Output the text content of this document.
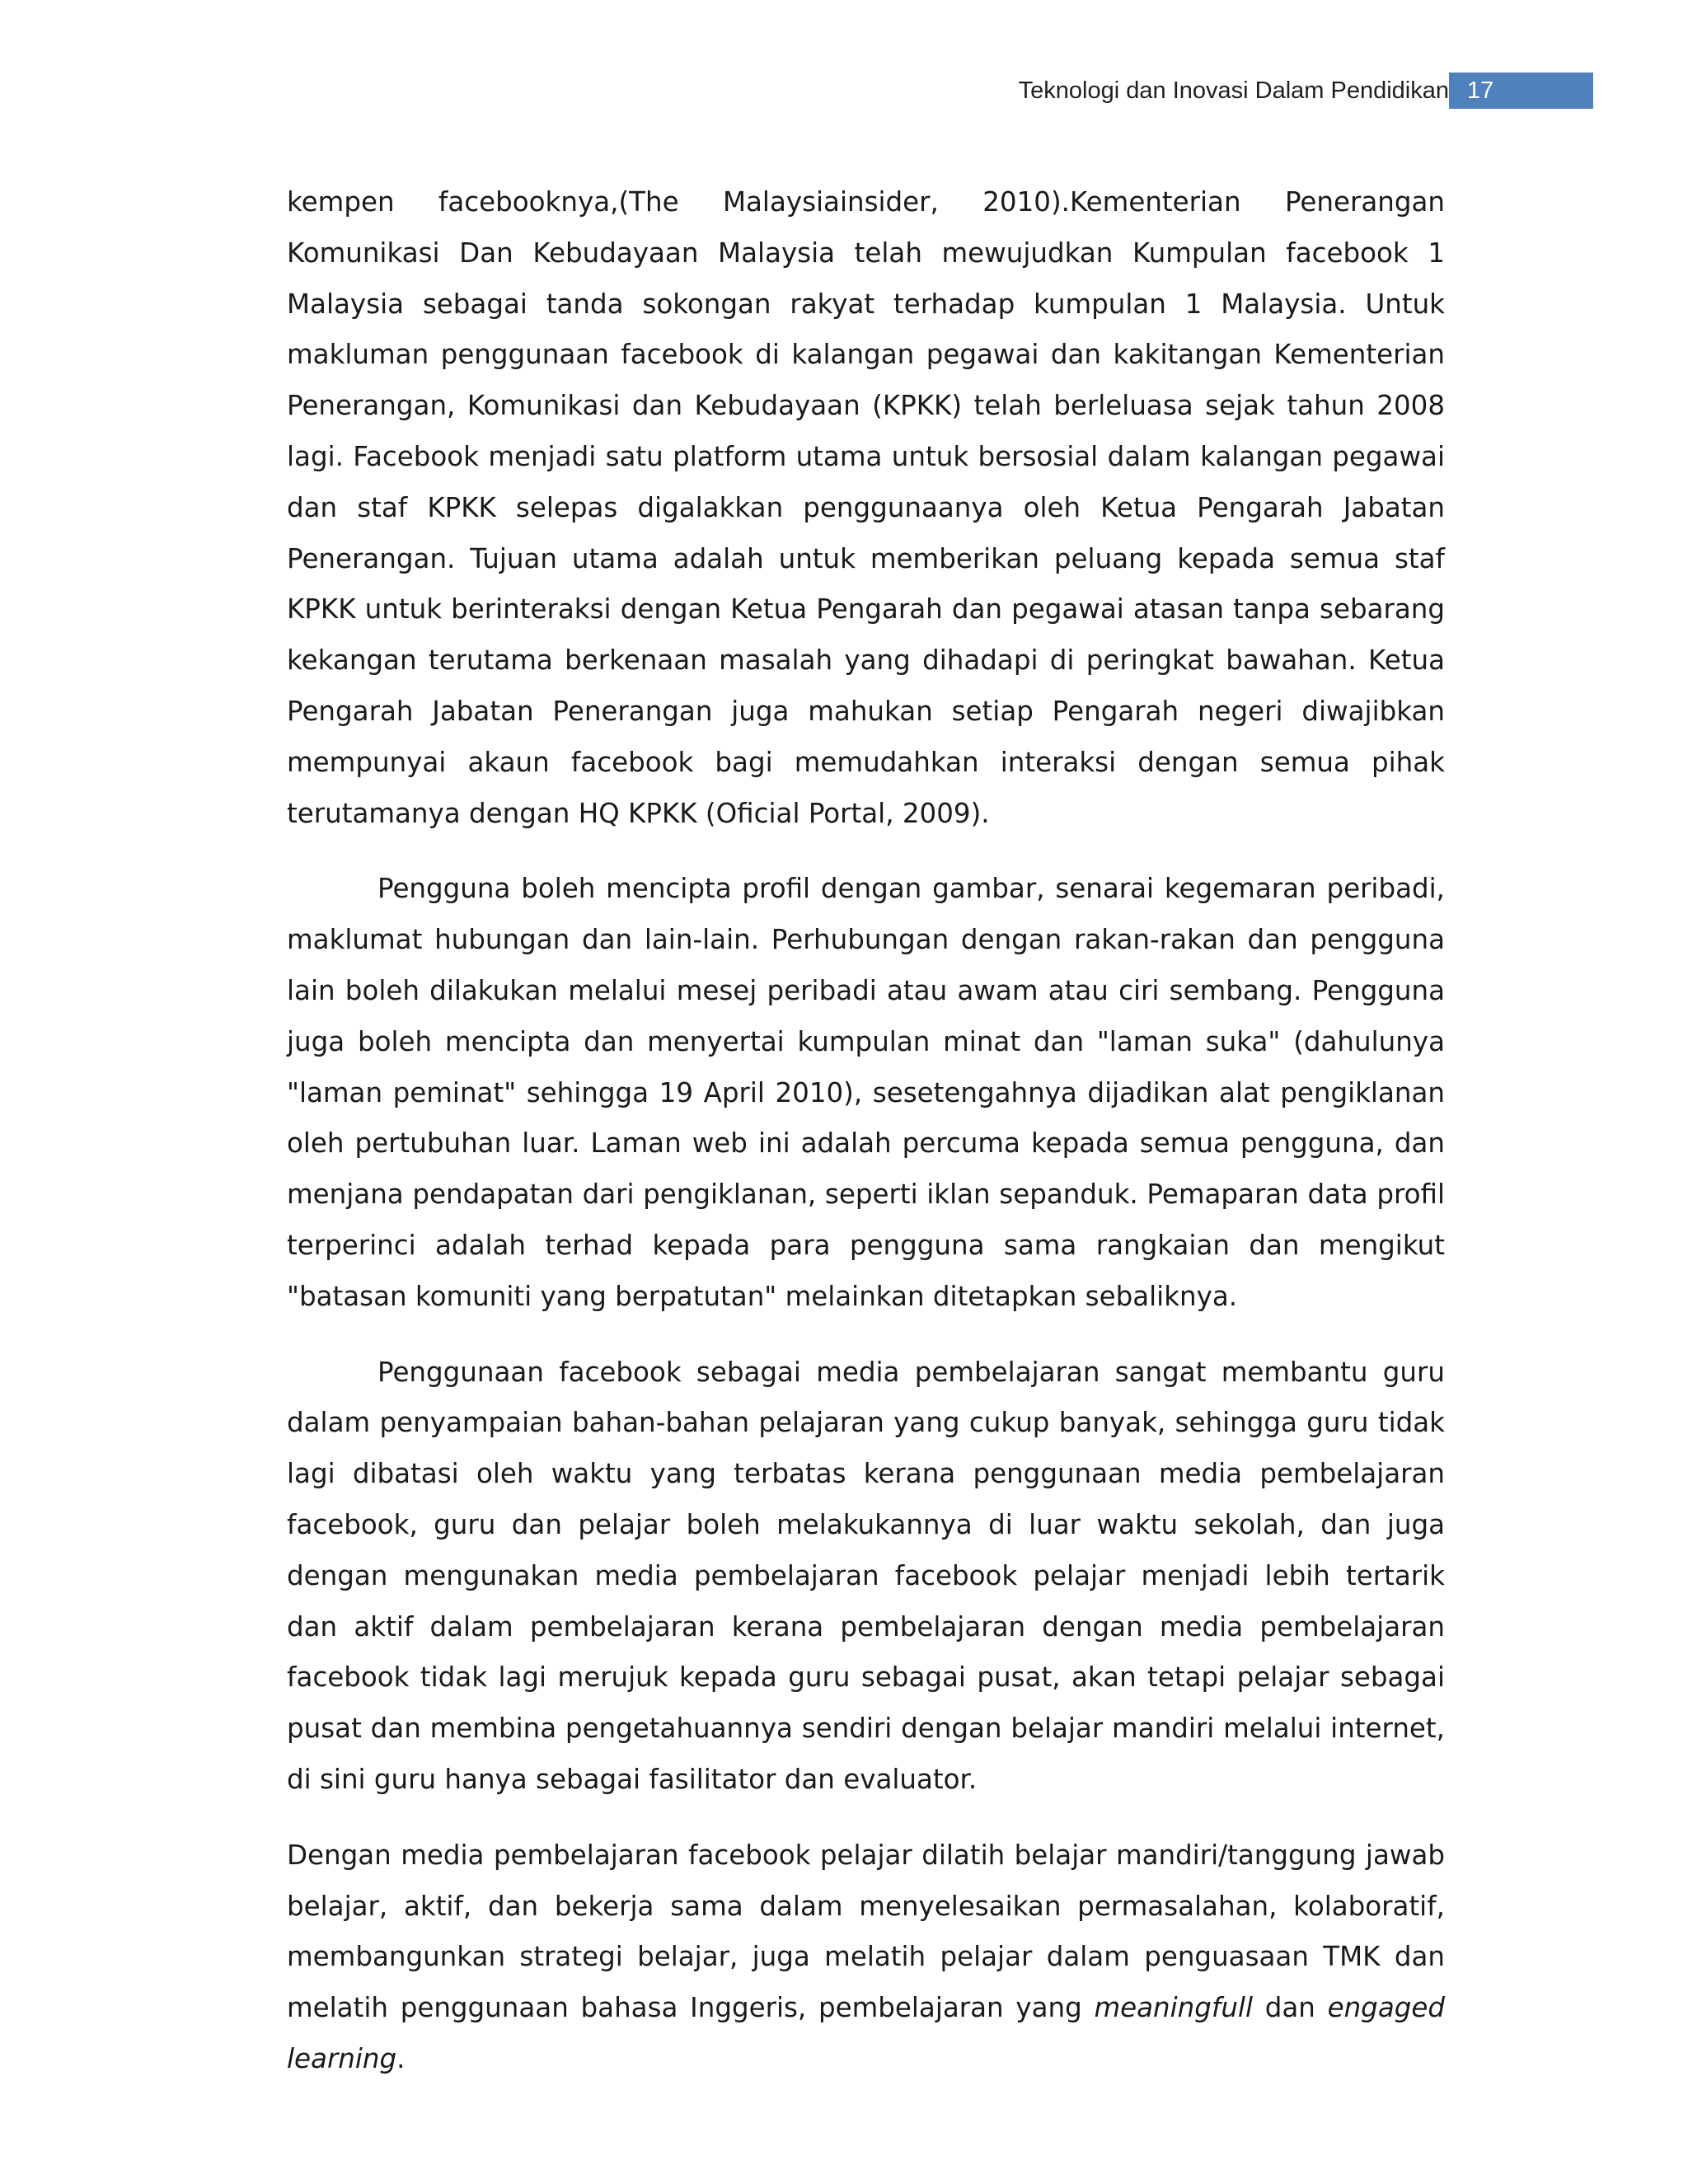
Teknologi dan Inovasi Dalam Pendidikan 17

kempen facebooknya,(The Malaysiainsider, 2010).Kementerian Penerangan Komunikasi Dan Kebudayaan Malaysia telah mewujudkan Kumpulan facebook 1 Malaysia sebagai tanda sokongan rakyat terhadap kumpulan 1 Malaysia. Untuk makluman penggunaan facebook di kalangan pegawai dan kakitangan Kementerian Penerangan, Komunikasi dan Kebudayaan (KPKK) telah berleluasa sejak tahun 2008 lagi. Facebook menjadi satu platform utama untuk bersosial dalam kalangan pegawai dan staf KPKK selepas digalakkan penggunaanya oleh Ketua Pengarah Jabatan Penerangan. Tujuan utama adalah untuk memberikan peluang kepada semua staf KPKK untuk berinteraksi dengan Ketua Pengarah dan pegawai atasan tanpa sebarang kekangan terutama berkenaan masalah yang dihadapi di peringkat bawahan. Ketua Pengarah Jabatan Penerangan juga mahukan setiap Pengarah negeri diwajibkan mempunyai akaun facebook bagi memudahkan interaksi dengan semua pihak terutamanya dengan HQ KPKK (Oficial Portal, 2009).

Pengguna boleh mencipta profil dengan gambar, senarai kegemaran peribadi, maklumat hubungan dan lain-lain. Perhubungan dengan rakan-rakan dan pengguna lain boleh dilakukan melalui mesej peribadi atau awam atau ciri sembang. Pengguna juga boleh mencipta dan menyertai kumpulan minat dan "laman suka" (dahulunya "laman peminat" sehingga 19 April 2010), sesetengahnya dijadikan alat pengiklanan oleh pertubuhan luar. Laman web ini adalah percuma kepada semua pengguna, dan menjana pendapatan dari pengiklanan, seperti iklan sepanduk. Pemaparan data profil terperinci adalah terhad kepada para pengguna sama rangkaian dan mengikut "batasan komuniti yang berpatutan" melainkan ditetapkan sebaliknya.

Penggunaan facebook sebagai media pembelajaran sangat membantu guru dalam penyampaian bahan-bahan pelajaran yang cukup banyak, sehingga guru tidak lagi dibatasi oleh waktu yang terbatas kerana penggunaan media pembelajaran facebook, guru dan pelajar boleh melakukannya di luar waktu sekolah, dan juga dengan mengunakan media pembelajaran facebook pelajar menjadi lebih tertarik dan aktif dalam pembelajaran kerana pembelajaran dengan media pembelajaran facebook tidak lagi merujuk kepada guru sebagai pusat, akan tetapi pelajar sebagai pusat dan membina pengetahuannya sendiri dengan belajar mandiri melalui internet, di sini guru hanya sebagai fasilitator dan evaluator.

Dengan media pembelajaran facebook pelajar dilatih belajar mandiri/tanggung jawab belajar, aktif, dan bekerja sama dalam menyelesaikan permasalahan, kolaboratif, membangunkan strategi belajar, juga melatih pelajar dalam penguasaan TMK dan melatih penggunaan bahasa Inggeris, pembelajaran yang meaningfull dan engaged learning.
